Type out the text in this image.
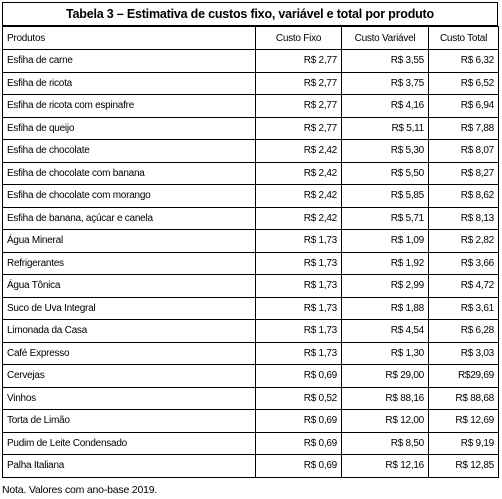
Tabela 3 – Estimativa de custos fixo, variável e total por produto
Produtos	Custo Fixo	Custo Variável	Custo Total
Esfiha de carne	R$ 2,77	R$ 3,55	R$ 6,32
Esfiha de ricota	R$ 2,77	R$ 3,75	R$ 6,52
Esfiha de ricota com espinafre	R$ 2,77	R$ 4,16	R$ 6,94
Esfiha de queijo	R$ 2,77	R$ 5,11	R$ 7,88
Esfiha de chocolate	R$ 2,42	R$ 5,30	R$ 8,07
Esfiha de chocolate com banana	R$ 2,42	R$ 5,50	R$ 8,27
Esfiha de chocolate com morango	R$ 2,42	R$ 5,85	R$ 8,62
Esfiha de banana, açúcar e canela	R$ 2,42	R$ 5,71	R$ 8,13
Água Mineral	R$ 1,73	R$ 1,09	R$ 2,82
Refrigerantes	R$ 1,73	R$ 1,92	R$ 3,66
Água Tônica	R$ 1,73	R$ 2,99	R$ 4,72
Suco de Uva Integral	R$ 1,73	R$ 1,88	R$ 3,61
Limonada da Casa	R$ 1,73	R$ 4,54	R$ 6,28
Café Expresso	R$ 1,73	R$ 1,30	R$ 3,03
Cervejas	R$ 0,69	R$ 29,00	R$29,69
Vinhos	R$ 0,52	R$ 88,16	R$ 88,68
Torta de Limão	R$ 0,69	R$ 12,00	R$ 12,69
Pudim de Leite Condensado	R$ 0,69	R$ 8,50	R$ 9,19
Palha Italiana	R$ 0,69	R$ 12,16	R$ 12,85
Nota. Valores com ano-base 2019.
